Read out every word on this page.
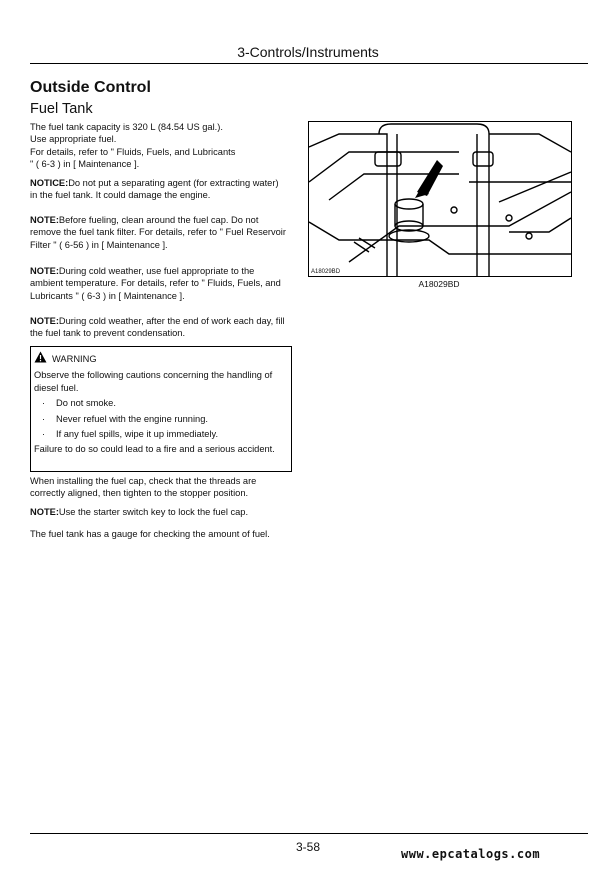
3-Controls/Instruments
Outside Control
Fuel Tank

The fuel tank capacity is 320 L (84.54 US gal.).

Use appropriate fuel.

For details, refer to " Fluids, Fuels, and Lubricants

" ( 6-3 ) in [ Maintenance ].

NOTICE:Do not put a separating agent (for extracting water) in the fuel tank. It could damage the engine.

NOTE:Before fueling, clean around the fuel cap. Do not remove the fuel tank filter. For details, refer to " Fuel Reservoir Filter " ( 6-56 ) in [ Maintenance ].

NOTE:During cold weather, use fuel appropriate to the ambient temperature. For details, refer to " Fluids, Fuels, and Lubricants " ( 6-3 ) in [ Maintenance ].

NOTE:During cold weather, after the end of work each day, fill the fuel tank to prevent condensation.

WARNING
Observe the following cautions concerning the handling of diesel fuel.
· Do not smoke.
· Never refuel with the engine running.
· If any fuel spills, wipe it up immediately.
Failure to do so could lead to a fire and a serious accident.

When installing the fuel cap, check that the threads are correctly aligned, then tighten to the stopper position.

NOTE:Use the starter switch key to lock the fuel cap.

The fuel tank has a gauge for checking the amount of fuel.

A18029BD
A18029BD
3-58	www.epcatalogs.com
